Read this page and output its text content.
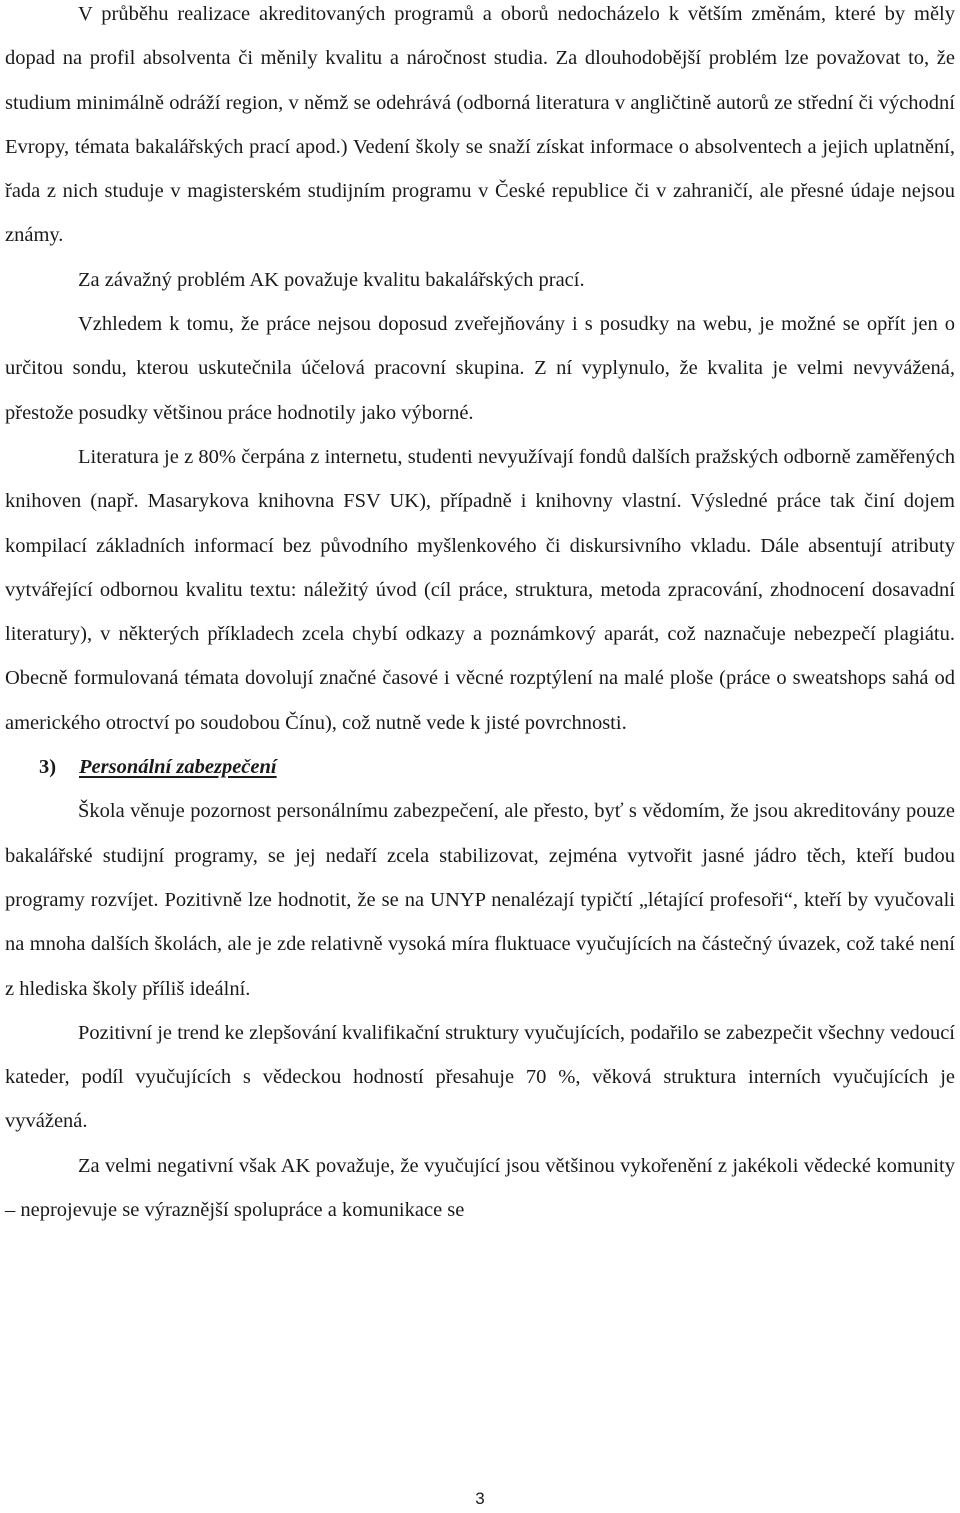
V průběhu realizace akreditovaných programů a oborů nedocházelo k větším změnám, které by měly dopad na profil absolventa či měnily kvalitu a náročnost studia. Za dlouhodobější problém lze považovat to, že studium minimálně odráží region, v němž se odehrává (odborná literatura v angličtině autorů ze střední či východní Evropy, témata bakalářských prací apod.) Vedení školy se snaží získat informace o absolventech a jejich uplatnění, řada z nich studuje v magisterském studijním programu v České republice či v zahraničí, ale přesné údaje nejsou známy.

Za závažný problém AK považuje kvalitu bakalářských prací.

Vzhledem k tomu, že práce nejsou doposud zveřejňovány i s posudky na webu, je možné se opřít jen o určitou sondu, kterou uskutečnila účelová pracovní skupina. Z ní vyplynulo, že kvalita je velmi nevyvážená, přestože posudky většinou práce hodnotily jako výborné.

Literatura je z 80% čerpána z internetu, studenti nevyužívají fondů dalších pražských odborně zaměřených knihoven (např. Masarykova knihovna FSV UK), případně i knihovny vlastní. Výsledné práce tak činí dojem kompilací základních informací bez původního myšlenkového či diskursivního vkladu. Dále absentují atributy vytvářející odbornou kvalitu textu: náležitý úvod (cíl práce, struktura, metoda zpracování, zhodnocení dosavadní literatury), v některých příkladech zcela chybí odkazy a poznámkový aparát, což naznačuje nebezpečí plagiátu. Obecně formulovaná témata dovolují značné časové i věcné rozptýlení na malé ploše (práce o sweatshops sahá od amerického otroctví po soudobou Čínu), což nutně vede k jisté povrchnosti.

3) Personální zabezpečení

Škola věnuje pozornost personálnímu zabezpečení, ale přesto, byť s vědomím, že jsou akreditovány pouze bakalářské studijní programy, se jej nedaří zcela stabilizovat, zejména vytvořit jasné jádro těch, kteří budou programy rozvíjet. Pozitivně lze hodnotit, že se na UNYP nenalézají typičtí „létající profesoři“, kteří by vyučovali na mnoha dalších školách, ale je zde relativně vysoká míra fluktuace vyučujících na částečný úvazek, což také není z hlediska školy příliš ideální.

Pozitivní je trend ke zlepšování kvalifikační struktury vyučujících, podařilo se zabezpečit všechny vedoucí kateder, podíl vyučujících s vědeckou hodností přesahuje 70 %, věková struktura interních vyučujících je vyvážená.

Za velmi negativní však AK považuje, že vyučující jsou většinou vykořenění z jakékoli vědecké komunity – neprojevuje se výraznější spolupráce a komunikace se

3
